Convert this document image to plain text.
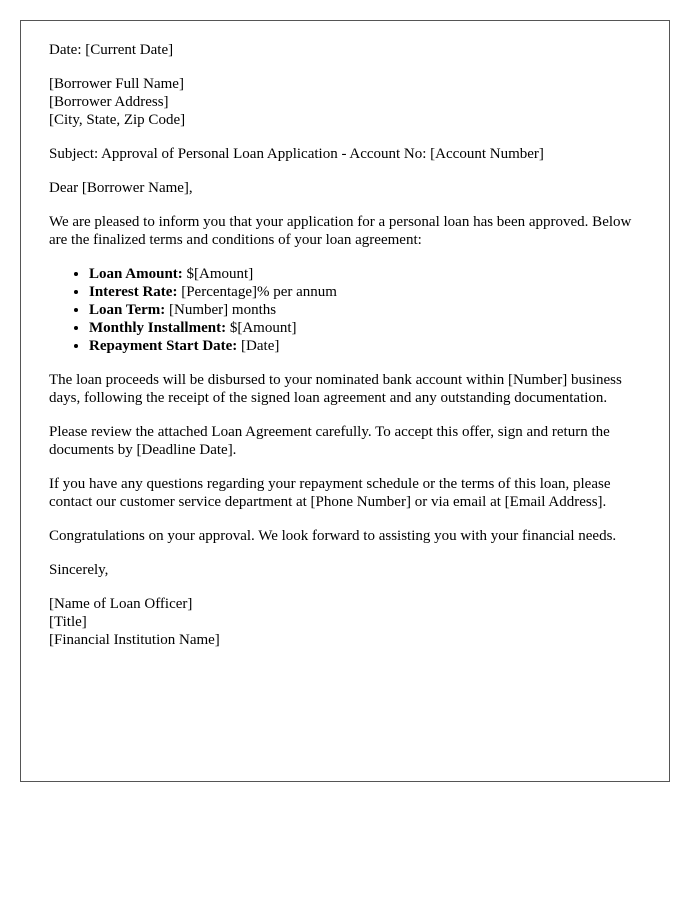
Date: [Current Date]

[Borrower Full Name]
[Borrower Address]
[City, State, Zip Code]

Subject: Approval of Personal Loan Application - Account No: [Account Number]

Dear [Borrower Name],

We are pleased to inform you that your application for a personal loan has been approved. Below are the finalized terms and conditions of your loan agreement:

• Loan Amount: $[Amount]
• Interest Rate: [Percentage]% per annum
• Loan Term: [Number] months
• Monthly Installment: $[Amount]
• Repayment Start Date: [Date]

The loan proceeds will be disbursed to your nominated bank account within [Number] business days, following the receipt of the signed loan agreement and any outstanding documentation.

Please review the attached Loan Agreement carefully. To accept this offer, sign and return the documents by [Deadline Date].

If you have any questions regarding your repayment schedule or the terms of this loan, please contact our customer service department at [Phone Number] or via email at [Email Address].

Congratulations on your approval. We look forward to assisting you with your financial needs.

Sincerely,

[Name of Loan Officer]
[Title]
[Financial Institution Name]
